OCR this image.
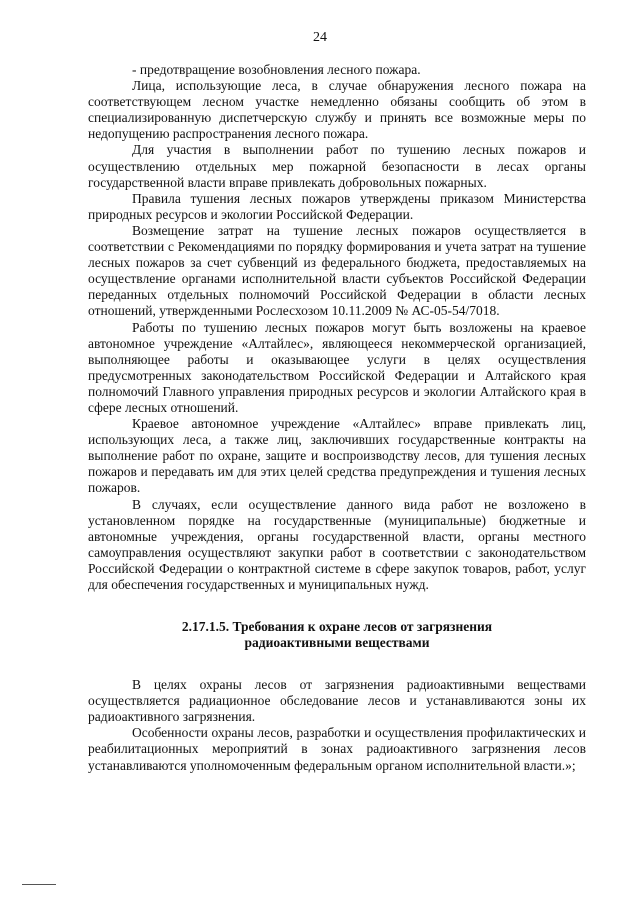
24

- предотвращение возобновления лесного пожара.

Лица, использующие леса, в случае обнаружения лесного пожара на соответствующем лесном участке немедленно обязаны сообщить об этом в специализированную диспетчерскую службу и принять все возможные меры по недопущению распространения лесного пожара.

Для участия в выполнении работ по тушению лесных пожаров и осуществлению отдельных мер пожарной безопасности в лесах органы государственной власти вправе привлекать добровольных пожарных.

Правила тушения лесных пожаров утверждены приказом Министерства природных ресурсов и экологии Российской Федерации.

Возмещение затрат на тушение лесных пожаров осуществляется в соответствии с Рекомендациями по порядку формирования и учета затрат на тушение лесных пожаров за счет субвенций из федерального бюджета, предоставляемых на осуществление органами исполнительной власти субъектов Российской Федерации переданных отдельных полномочий Российской Федерации в области лесных отношений, утвержденными Рослесхозом 10.11.2009 № АС-05-54/7018.

Работы по тушению лесных пожаров могут быть возложены на краевое автономное учреждение «Алтайлес», являющееся некоммерческой организацией, выполняющее работы и оказывающее услуги в целях осуществления предусмотренных законодательством Российской Федерации и Алтайского края полномочий Главного управления природных ресурсов и экологии Алтайского края в сфере лесных отношений.

Краевое автономное учреждение «Алтайлес» вправе привлекать лиц, использующих леса, а также лиц, заключивших государственные контракты на выполнение работ по охране, защите и воспроизводству лесов, для тушения лесных пожаров и передавать им для этих целей средства предупреждения и тушения лесных пожаров.

В случаях, если осуществление данного вида работ не возложено в установленном порядке на государственные (муниципальные) бюджетные и автономные учреждения, органы государственной власти, органы местного самоуправления осуществляют закупки работ в соответствии с законодательством Российской Федерации о контрактной системе в сфере закупок товаров, работ, услуг для обеспечения государственных и муниципальных нужд.

2.17.1.5. Требования к охране лесов от загрязнения
радиоактивными веществами

В целях охраны лесов от загрязнения радиоактивными веществами осуществляется радиационное обследование лесов и устанавливаются зоны их радиоактивного загрязнения.

Особенности охраны лесов, разработки и осуществления профилактических и реабилитационных мероприятий в зонах радиоактивного загрязнения лесов устанавливаются уполномоченным федеральным органом исполнительной власти.»;
